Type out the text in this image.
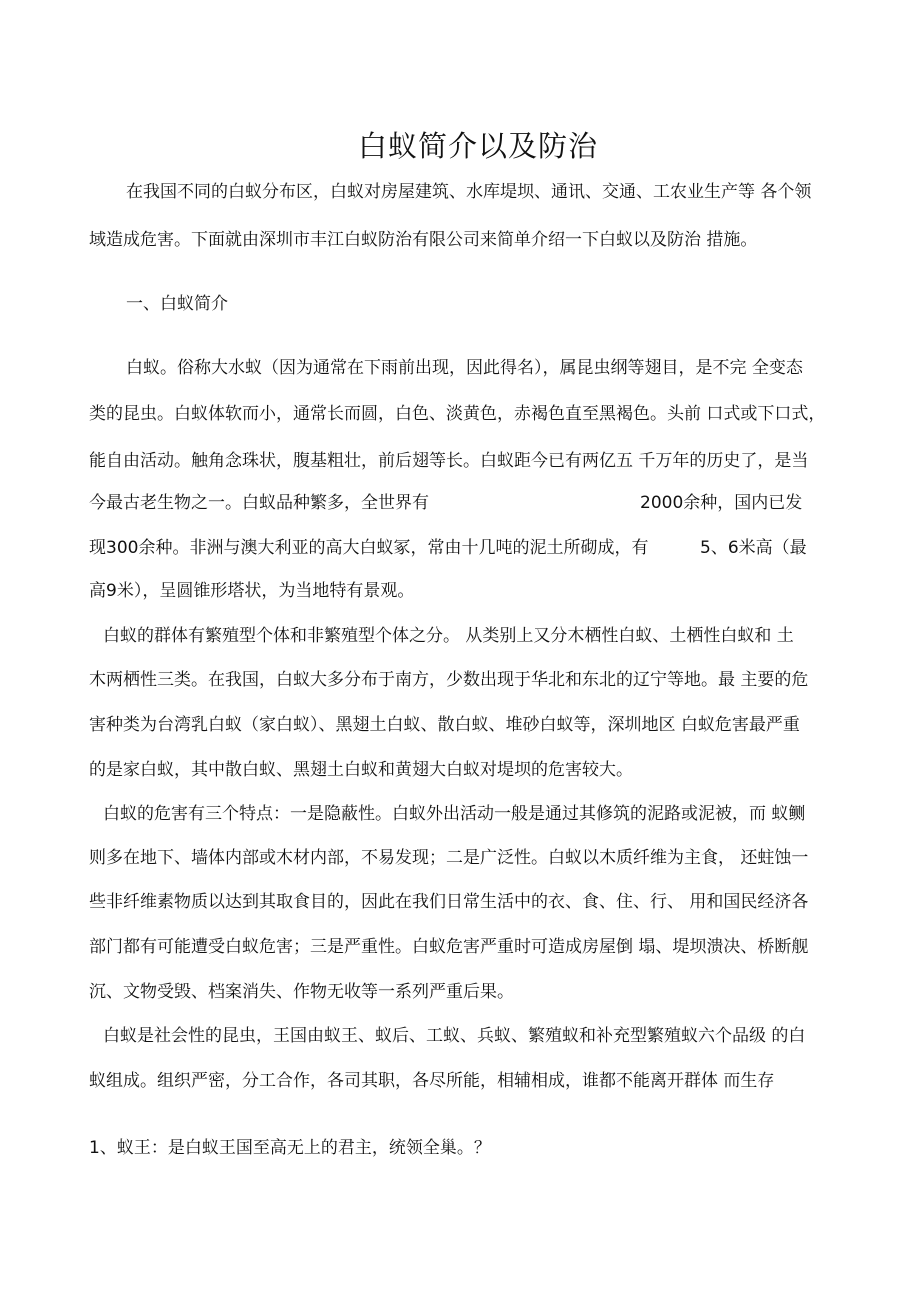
白蚁简介以及防治
在我国不同的白蚁分布区，白蚁对房屋建筑、水库堤坝、通讯、交通、工农业生产等 各个领
域造成危害。下面就由深圳市丰江白蚁防治有限公司来简单介绍一下白蚁以及防治 措施。
一、白蚁简介
白蚁。俗称大水蚁（因为通常在下雨前出现，因此得名），属昆虫纲等翅目，是不完 全变态
类的昆虫。白蚁体软而小，通常长而圆，白色、淡黄色，赤褐色直至黑褐色。头前 口式或下口式，
能自由活动。触角念珠状，腹基粗壮，前后翅等长。白蚁距今已有两亿五 千万年的历史了，是当
今最古老生物之一。白蚁品种繁多，全世界有	2000余种，国内已发
现300余种。非洲与澳大利亚的高大白蚁冢，常由十几吨的泥土所砌成，有	5、6米高（最
高9米），呈圆锥形塔状，为当地特有景观。
白蚁的群体有繁殖型个体和非繁殖型个体之分。 从类别上又分木栖性白蚁、土栖性白蚁和 土
木两栖性三类。在我国，白蚁大多分布于南方，少数出现于华北和东北的辽宁等地。最 主要的危
害种类为台湾乳白蚁（家白蚁）、黑翅土白蚁、散白蚁、堆砂白蚁等，深圳地区 白蚁危害最严重
的是家白蚁，其中散白蚁、黑翅土白蚁和黄翅大白蚁对堤坝的危害较大。
白蚁的危害有三个特点：一是隐蔽性。白蚁外出活动一般是通过其修筑的泥路或泥被，而 蚁鲗
则多在地下、墙体内部或木材内部，不易发现；二是广泛性。白蚁以木质纤维为主食， 还蛀蚀一
些非纤维素物质以达到其取食目的，因此在我们日常生活中的衣、食、住、行、 用和国民经济各
部门都有可能遭受白蚁危害；三是严重性。白蚁危害严重时可造成房屋倒 塌、堤坝溃决、桥断舰
沉、文物受毁、档案消失、作物无收等一系列严重后果。
白蚁是社会性的昆虫，王国由蚁王、蚁后、工蚁、兵蚁、繁殖蚁和补充型繁殖蚁六个品级 的白
蚁组成。组织严密，分工合作，各司其职，各尽所能，相辅相成，谁都不能离开群体 而生存
1、蚁王：是白蚁王国至高无上的君主，统领全巢。？
